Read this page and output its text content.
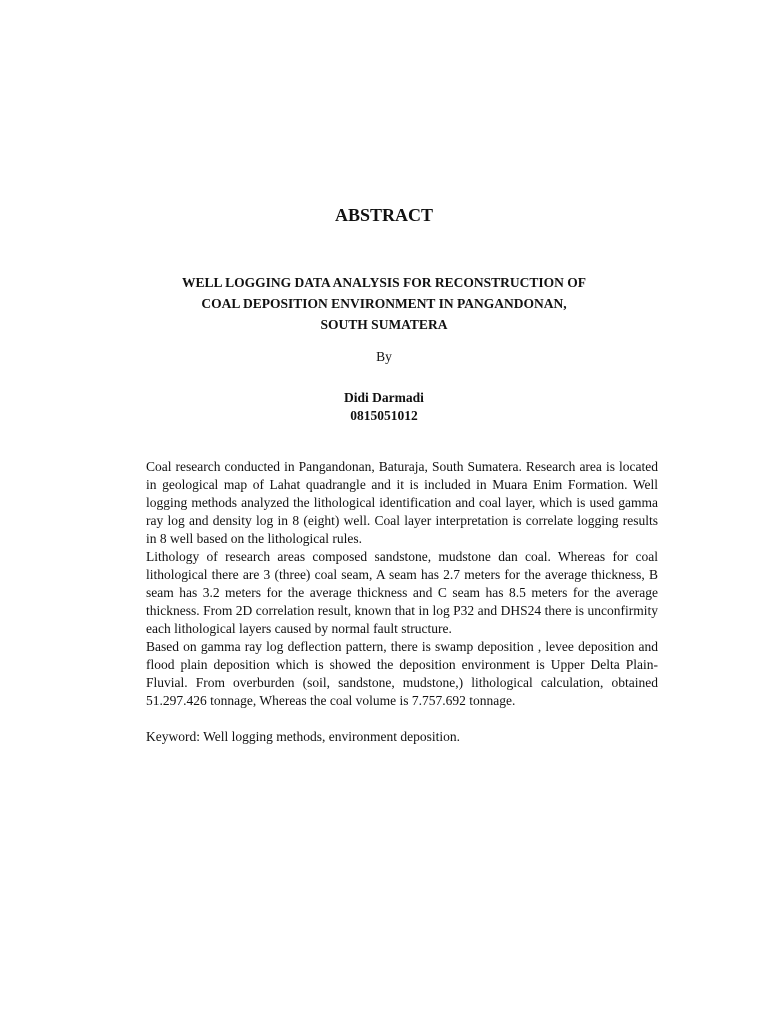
ABSTRACT
WELL LOGGING DATA ANALYSIS FOR RECONSTRUCTION OF
COAL DEPOSITION ENVIRONMENT IN PANGANDONAN,
SOUTH SUMATERA
By
Didi Darmadi
0815051012

Coal research conducted in Pangandonan, Baturaja, South Sumatera. Research area is located in geological map of Lahat quadrangle and it is included in Muara Enim Formation. Well logging methods analyzed the lithological identification and coal layer, which is used gamma ray log and density log in 8 (eight) well. Coal layer interpretation is correlate logging results in 8 well based on the lithological rules.

Lithology of research areas composed sandstone, mudstone dan coal. Whereas for coal lithological there are 3 (three) coal seam, A seam has 2.7 meters for the average thickness, B seam has 3.2 meters for the average thickness and C seam has 8.5 meters for the average thickness. From 2D correlation result, known that in log P32 and DHS24 there is unconfirmity each lithological layers caused by normal fault structure.

Based on gamma ray log deflection pattern, there is swamp deposition , levee deposition and flood plain deposition which is showed the deposition environment is Upper Delta Plain-Fluvial. From overburden (soil, sandstone, mudstone,) lithological calculation, obtained 51.297.426 tonnage, Whereas the coal volume is 7.757.692 tonnage.

Keyword: Well logging methods, environment deposition.
